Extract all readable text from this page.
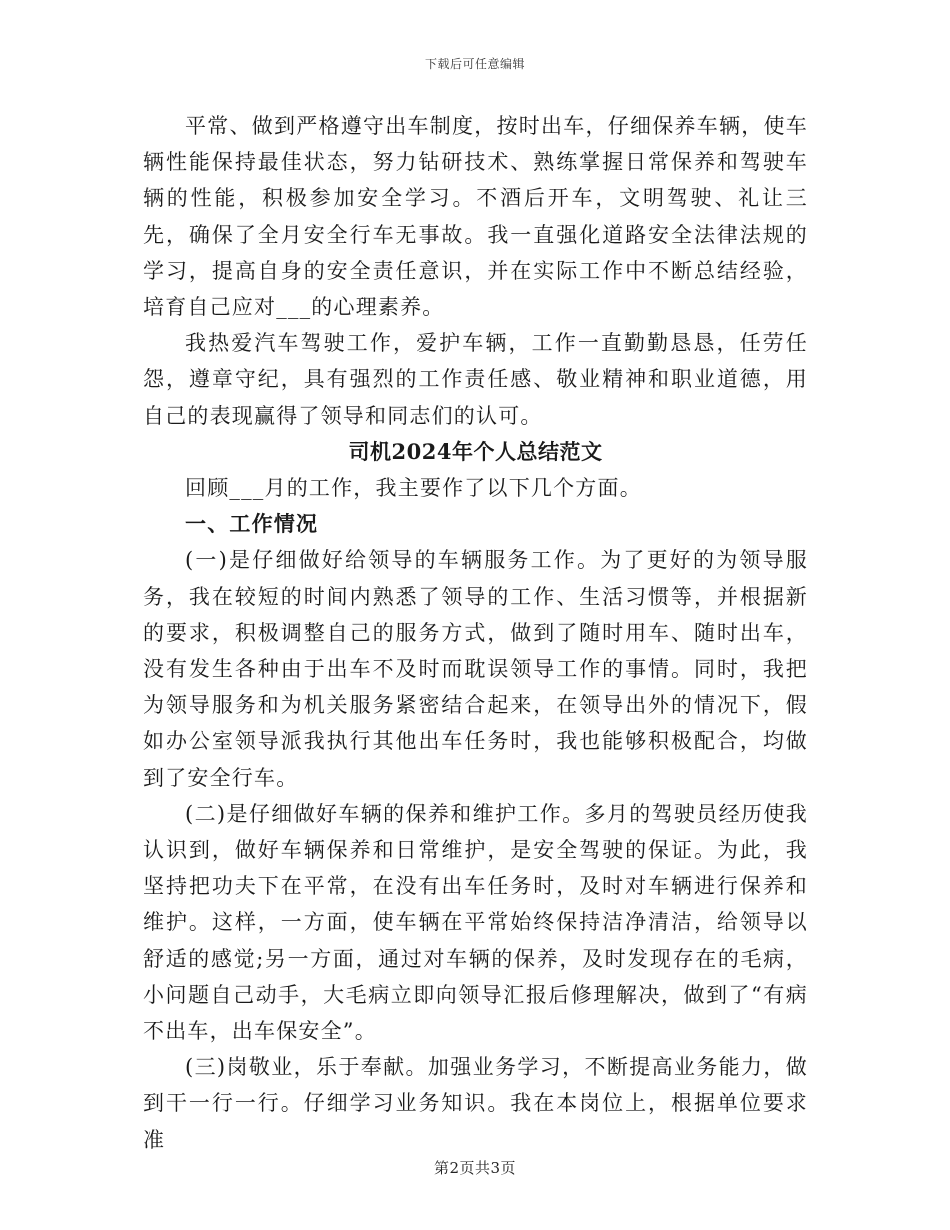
下载后可任意编辑

平常、做到严格遵守出车制度，按时出车，仔细保养车辆，使车辆性能保持最佳状态，努力钻研技术、熟练掌握日常保养和驾驶车辆的性能，积极参加安全学习。不酒后开车，文明驾驶、礼让三先，确保了全月安全行车无事故。我一直强化道路安全法律法规的学习，提高自身的安全责任意识，并在实际工作中不断总结经验，培育自己应对___的心理素养。

我热爱汽车驾驶工作，爱护车辆，工作一直勤勤恳恳，任劳任怨，遵章守纪，具有强烈的工作责任感、敬业精神和职业道德，用自己的表现赢得了领导和同志们的认可。

司机2024年个人总结范文

回顾___月的工作，我主要作了以下几个方面。

一、工作情况

(一)是仔细做好给领导的车辆服务工作。为了更好的为领导服务，我在较短的时间内熟悉了领导的工作、生活习惯等，并根据新的要求，积极调整自己的服务方式，做到了随时用车、随时出车，没有发生各种由于出车不及时而耽误领导工作的事情。同时，我把为领导服务和为机关服务紧密结合起来，在领导出外的情况下，假如办公室领导派我执行其他出车任务时，我也能够积极配合，均做到了安全行车。

(二)是仔细做好车辆的保养和维护工作。多月的驾驶员经历使我认识到，做好车辆保养和日常维护，是安全驾驶的保证。为此，我坚持把功夫下在平常，在没有出车任务时，及时对车辆进行保养和维护。这样，一方面，使车辆在平常始终保持洁净清洁，给领导以舒适的感觉;另一方面，通过对车辆的保养，及时发现存在的毛病，小问题自己动手，大毛病立即向领导汇报后修理解决，做到了“有病不出车，出车保安全”。

(三)岗敬业，乐于奉献。加强业务学习，不断提高业务能力，做到干一行一行。仔细学习业务知识。我在本岗位上，根据单位要求准

第2页共3页
